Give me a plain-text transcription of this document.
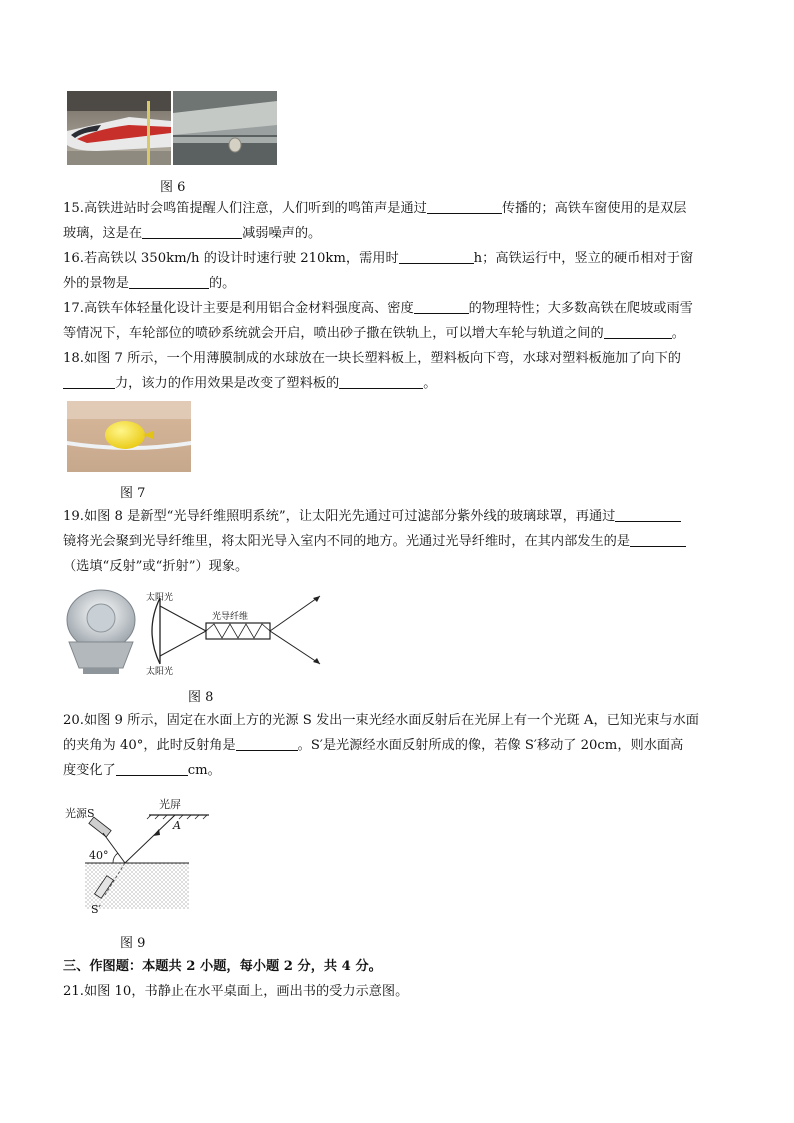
图 6
15.高铁进站时会鸣笛提醒人们注意，人们听到的鸣笛声是通过	传播的；高铁车窗使用的是双层
玻璃，这是在	减弱噪声的。
16.若高铁以 350km/h 的设计时速行驶 210km，需用时	h；高铁运行中，竖立的硬币相对于窗
外的景物是	的。
17.高铁车体轻量化设计主要是利用铝合金材料强度高、密度	的物理特性；大多数高铁在爬坡或雨雪
等情况下，车轮部位的喷砂系统就会开启，喷出砂子撒在铁轨上，可以增大车轮与轨道之间的	。
18.如图 7 所示，一个用薄膜制成的水球放在一块长塑料板上，塑料板向下弯，水球对塑料板施加了向下的
力，该力的作用效果是改变了塑料板的	。
图 7
19.如图 8 是新型“光导纤维照明系统”，让太阳光先通过可过滤部分紫外线的玻璃球罩，再通过
镜将光会聚到光导纤维里，将太阳光导入室内不同的地方。光通过光导纤维时，在其内部发生的是
（选填“反射”或“折射”）现象。
太阳光
太阳光
光导纤维
图 8
20.如图 9 所示，固定在水面上方的光源 S 发出一束光经水面反射后在光屏上有一个光斑 A，已知光束与水面
的夹角为 40°，此时反射角是	。S′是光源经水面反射所成的像，若像 S′移动了 20cm，则水面高
度变化了	cm。
光源S
光屏
A
40°
S′
图 9
三、作图题：本题共 2 小题，每小题 2 分，共 4 分。
21.如图 10，书静止在水平桌面上，画出书的受力示意图。
